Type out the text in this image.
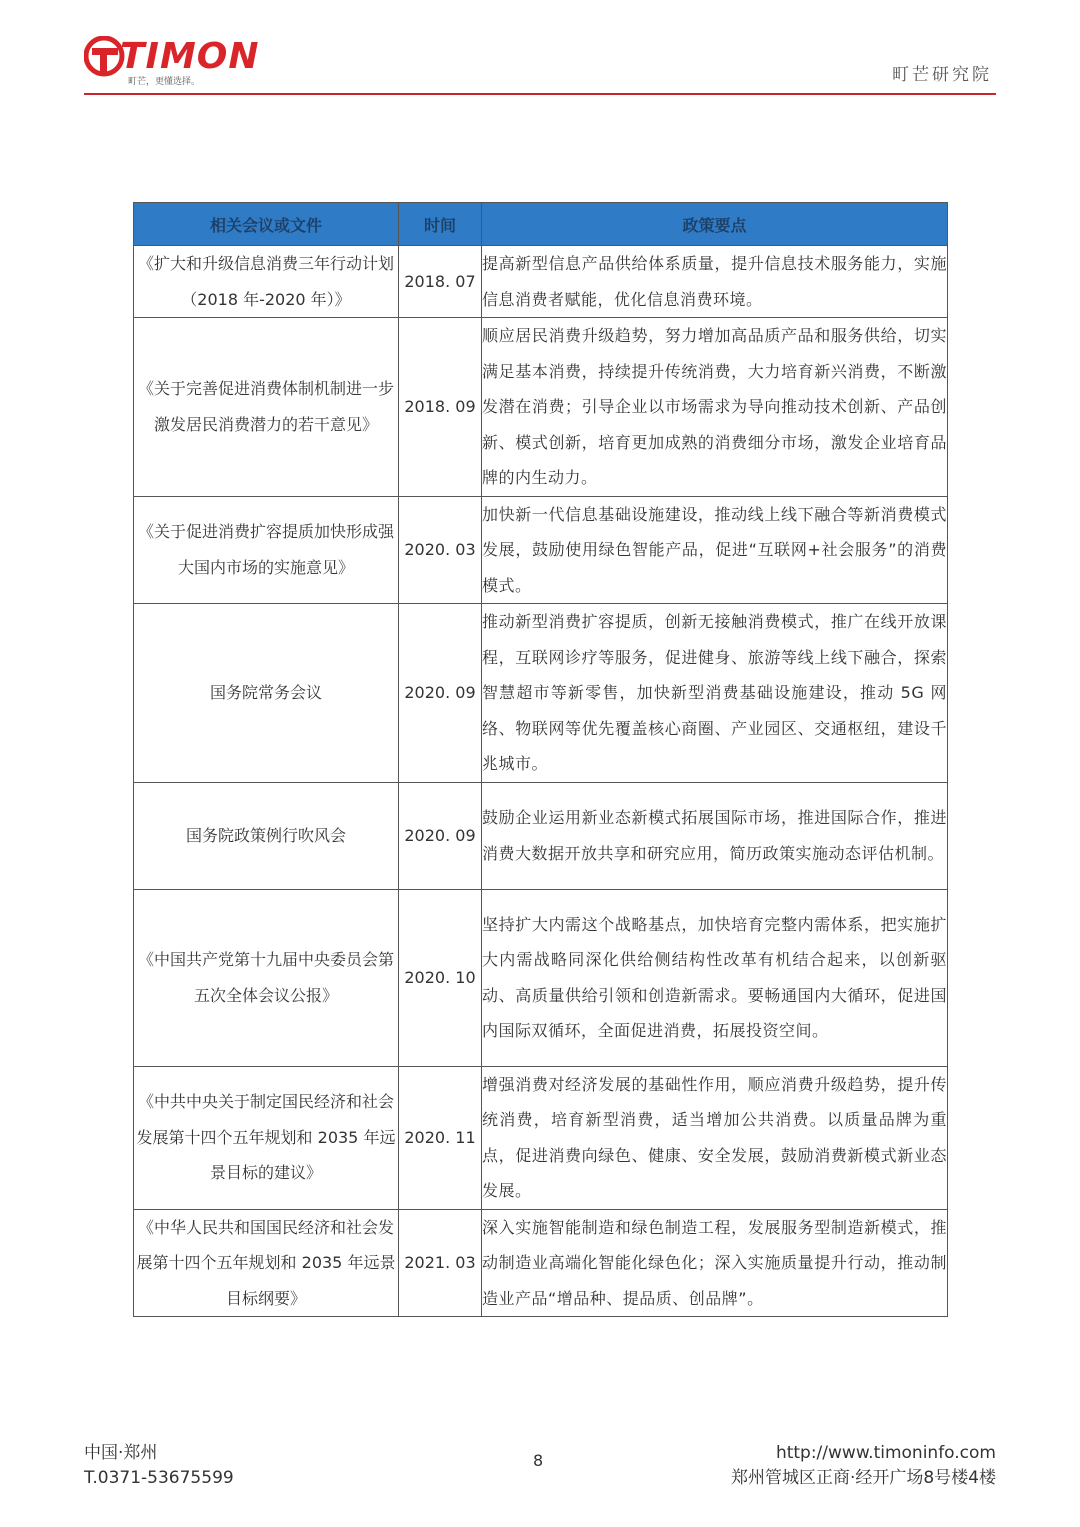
TIMON
町芒，更懂选择。	町芒研究院
相关会议或文件	时间	政策要点
《扩大和升级信息消费三年行动计划（2018 年-2020 年）》	2018. 07	提高新型信息产品供给体系质量，提升信息技术服务能力，实施信息消费者赋能，优化信息消费环境。
《关于完善促进消费体制机制进一步激发居民消费潜力的若干意见》	2018. 09	顺应居民消费升级趋势，努力增加高品质产品和服务供给，切实满足基本消费，持续提升传统消费，大力培育新兴消费，不断激发潜在消费；引导企业以市场需求为导向推动技术创新、产品创新、模式创新，培育更加成熟的消费细分市场，激发企业培育品牌的内生动力。
《关于促进消费扩容提质加快形成强大国内市场的实施意见》	2020. 03	加快新一代信息基础设施建设，推动线上线下融合等新消费模式发展，鼓励使用绿色智能产品，促进“互联网+社会服务”的消费模式。
国务院常务会议	2020. 09	推动新型消费扩容提质，创新无接触消费模式，推广在线开放课程，互联网诊疗等服务，促进健身、旅游等线上线下融合，探索智慧超市等新零售，加快新型消费基础设施建设，推动 5G 网络、物联网等优先覆盖核心商圈、产业园区、交通枢纽，建设千兆城市。
国务院政策例行吹风会	2020. 09	鼓励企业运用新业态新模式拓展国际市场，推进国际合作，推进消费大数据开放共享和研究应用，简历政策实施动态评估机制。
《中国共产党第十九届中央委员会第五次全体会议公报》	2020. 10	坚持扩大内需这个战略基点，加快培育完整内需体系，把实施扩大内需战略同深化供给侧结构性改革有机结合起来，以创新驱动、高质量供给引领和创造新需求。要畅通国内大循环，促进国内国际双循环，全面促进消费，拓展投资空间。
《中共中央关于制定国民经济和社会发展第十四个五年规划和 2035 年远景目标的建议》	2020. 11	增强消费对经济发展的基础性作用，顺应消费升级趋势，提升传统消费，培育新型消费，适当增加公共消费。以质量品牌为重点，促进消费向绿色、健康、安全发展，鼓励消费新模式新业态发展。
《中华人民共和国国民经济和社会发展第十四个五年规划和 2035 年远景目标纲要》	2021. 03	深入实施智能制造和绿色制造工程，发展服务型制造新模式，推动制造业高端化智能化绿色化；深入实施质量提升行动，推动制造业产品“增品种、提品质、创品牌”。
中国·郑州
T.0371-53675599
8	http://www.timoninfo.com
郑州管城区正商·经开广场8号楼4楼
